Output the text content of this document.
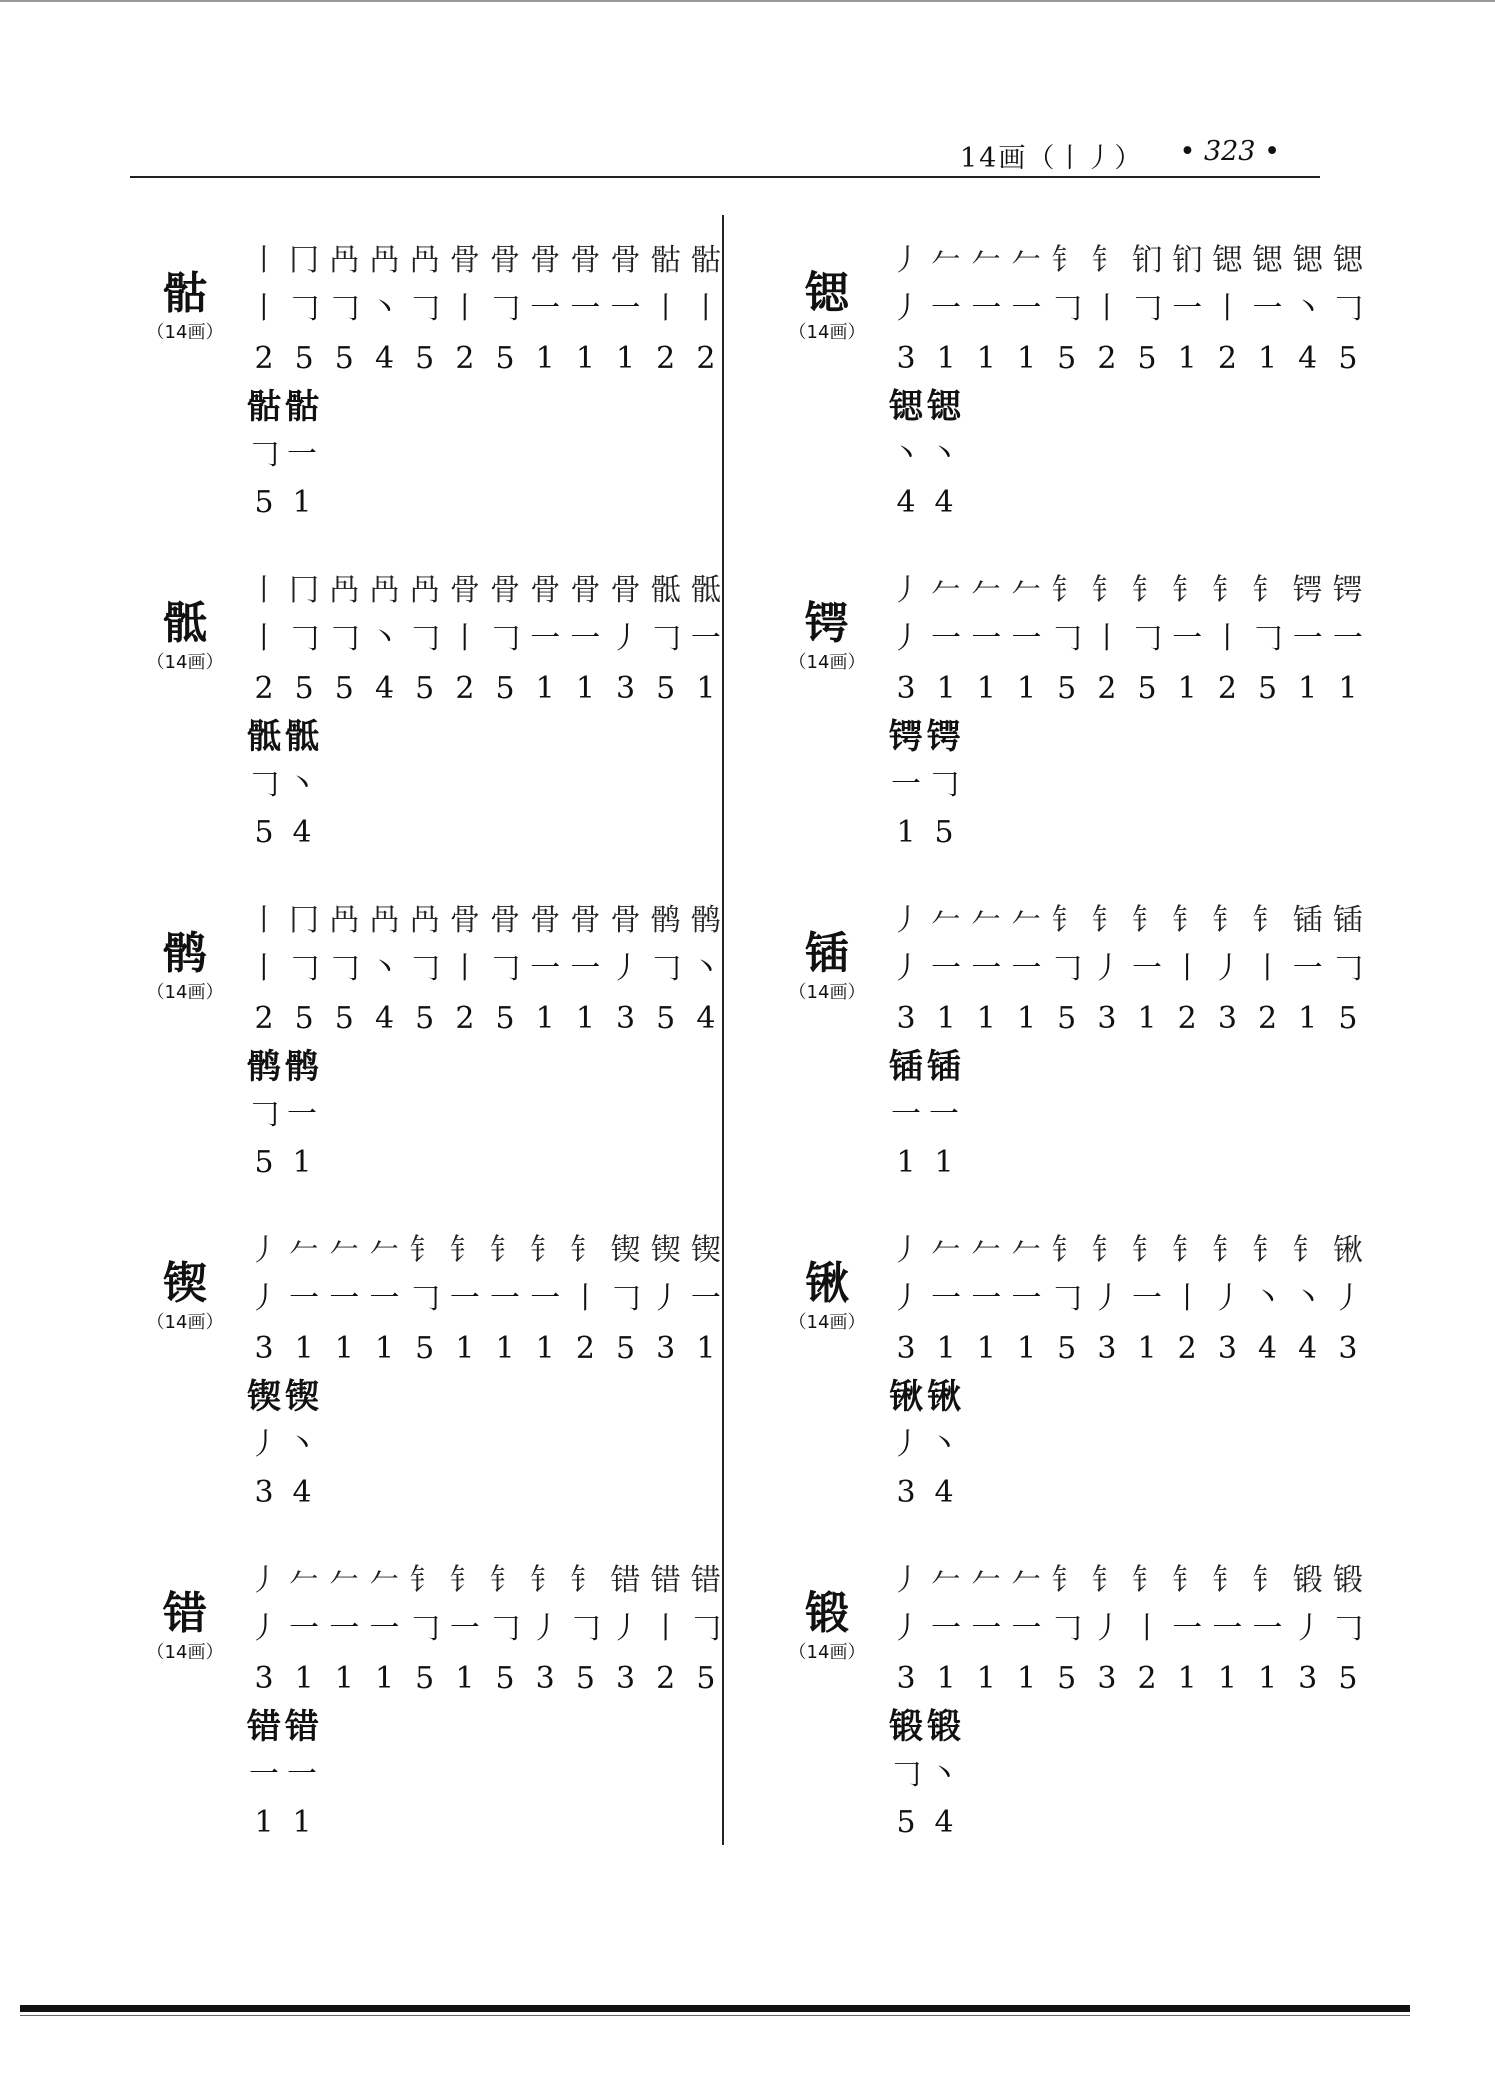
14画（丨丿） • 323 •
骷
（14画）
丨 冂 冎 冎 冎 骨 骨 骨 骨 骨 骷 骷
丨 𠃌 𠃌 丶 𠃌 丨 𠃌 一 一 一 丨 丨
2 5 5 4 5 2 5 1 1 1 2 2
骷 骷
𠃌 一
5 1
锶
（14画）
丿 𠂉 𠂉 𠂉 钅 钅 钔 钔 锶 锶 锶 锶
丿 一 一 一 𠃌 丨 𠃌 一 丨 一 丶 𠃌
3 1 1 1 5 2 5 1 2 1 4 5
锶 锶
丶 丶
4 4
骶
（14画）
丨 冂 冎 冎 冎 骨 骨 骨 骨 骨 骶 骶
丨 𠃌 𠃌 丶 𠃌 丨 𠃌 一 一 丿 𠃌 一
2 5 5 4 5 2 5 1 1 3 5 1
骶 骶
𠃌 丶
5 4
锷
（14画）
丿 𠂉 𠂉 𠂉 钅 钅 钅 钅 钅 钅 锷 锷
丿 一 一 一 𠃌 丨 𠃌 一 丨 𠃌 一 一
3 1 1 1 5 2 5 1 2 5 1 1
锷 锷
一 𠃌
1 5
鹘
（14画）
丨 冂 冎 冎 冎 骨 骨 骨 骨 骨 鹘 鹘
丨 𠃌 𠃌 丶 𠃌 丨 𠃌 一 一 丿 𠃌 丶
2 5 5 4 5 2 5 1 1 3 5 4
鹘 鹘
𠃌 一
5 1
锸
（14画）
丿 𠂉 𠂉 𠂉 钅 钅 钅 钅 钅 钅 锸 锸
丿 一 一 一 𠃌 丿 一 丨 丿 丨 一 𠃌
3 1 1 1 5 3 1 2 3 2 1 5
锸 锸
一 一
1 1
锲
（14画）
丿 𠂉 𠂉 𠂉 钅 钅 钅 钅 钅 锲 锲 锲
丿 一 一 一 𠃌 一 一 一 丨 𠃌 丿 一
3 1 1 1 5 1 1 1 2 5 3 1
锲 锲
丿 丶
3 4
锹
（14画）
丿 𠂉 𠂉 𠂉 钅 钅 钅 钅 钅 钅 钅 锹
丿 一 一 一 𠃌 丿 一 丨 丿 丶 丶 丿
3 1 1 1 5 3 1 2 3 4 4 3
锹 锹
丿 丶
3 4
错
（14画）
丿 𠂉 𠂉 𠂉 钅 钅 钅 钅 钅 错 错 错
丿 一 一 一 𠃌 一 𠃌 丿 𠃌 丿 丨 𠃌
3 1 1 1 5 1 5 3 5 3 2 5
错 错
一 一
1 1
锻
（14画）
丿 𠂉 𠂉 𠂉 钅 钅 钅 钅 钅 钅 锻 锻
丿 一 一 一 𠃌 丿 丨 一 一 一 丿 𠃌
3 1 1 1 5 3 2 1 1 1 3 5
锻 锻
𠃌 丶
5 4
